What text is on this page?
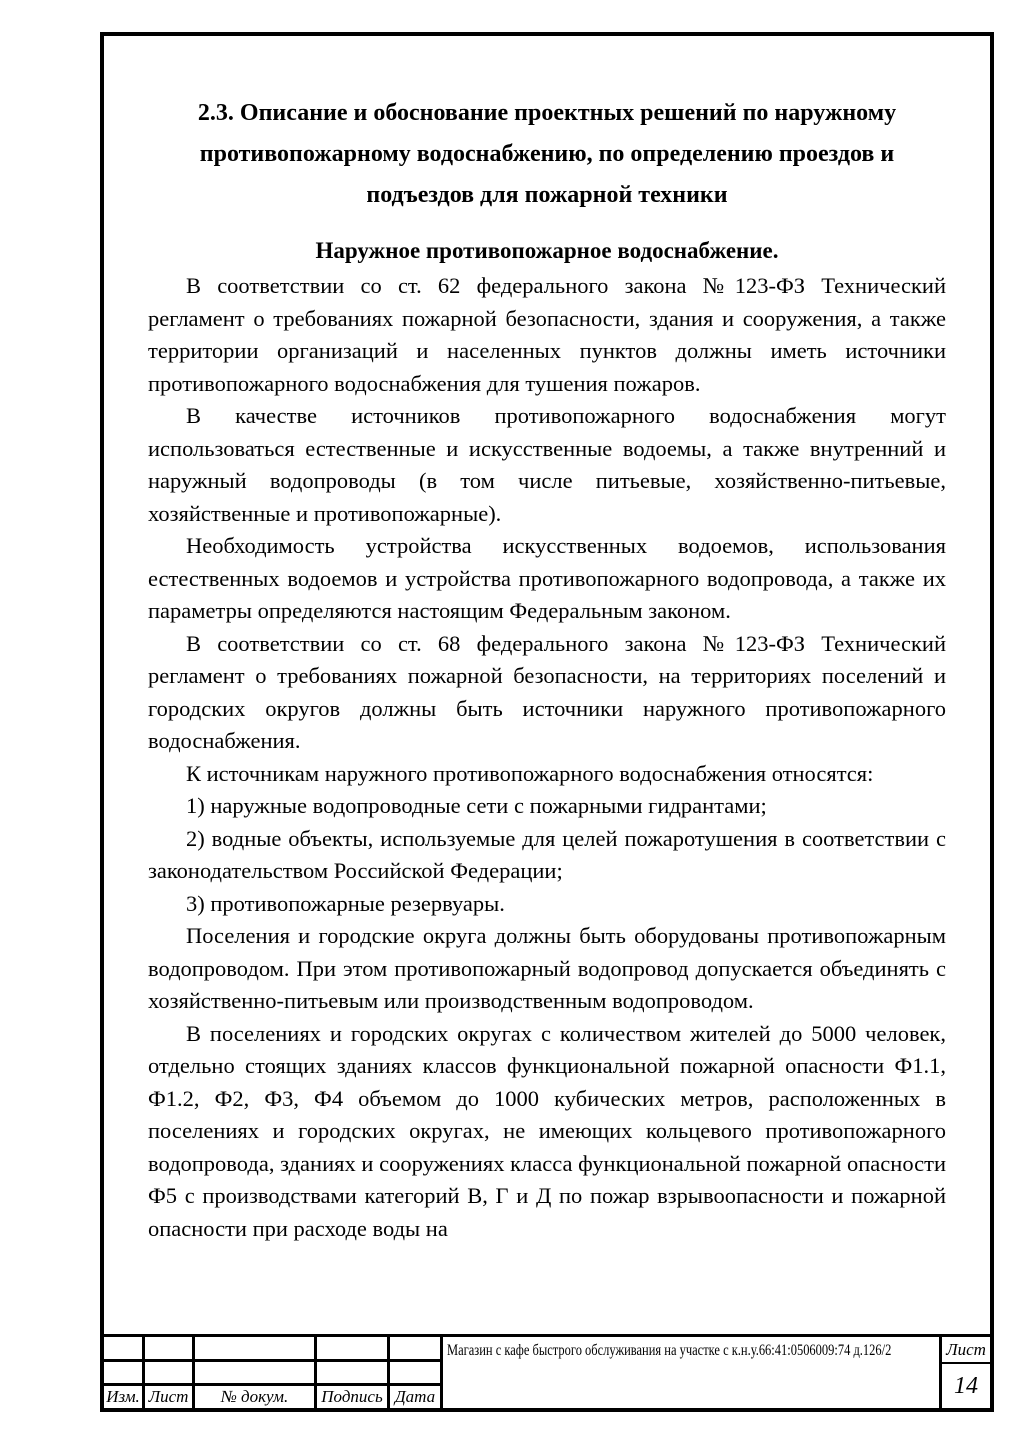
2.3. Описание и обоснование проектных решений по наружному
противопожарному водоснабжению, по определению проездов и
подъездов для пожарной техники
Наружное противопожарное водоснабжение.

В соответствии со ст. 62 федерального закона №123-ФЗ Технический регламент о требованиях пожарной безопасности, здания и сооружения, а также территории организаций и населенных пунктов должны иметь источники противопожарного водоснабжения для тушения пожаров.

В качестве источников противопожарного водоснабжения могут использоваться естественные и искусственные водоемы, а также внутренний и наружный водопроводы (в том числе питьевые, хозяйственно-питьевые, хозяйственные и противопожарные).

Необходимость устройства искусственных водоемов, использования естественных водоемов и устройства противопожарного водопровода, а также их параметры определяются настоящим Федеральным законом.

В соответствии со ст. 68 федерального закона №123-ФЗ Технический регламент о требованиях пожарной безопасности, на территориях поселений и городских округов должны быть источники наружного противопожарного водоснабжения.

К источникам наружного противопожарного водоснабжения относятся:

1) наружные водопроводные сети с пожарными гидрантами;

2) водные объекты, используемые для целей пожаротушения в соответствии с законодательством Российской Федерации;

3) противопожарные резервуары.

Поселения и городские округа должны быть оборудованы противопожарным водопроводом. При этом противопожарный водопровод допускается объединять с хозяйственно-питьевым или производственным водопроводом.

В поселениях и городских округах с количеством жителей до 5000 человек, отдельно стоящих зданиях классов функциональной пожарной опасности Ф1.1, Ф1.2, Ф2, Ф3, Ф4 объемом до 1000 кубических метров, расположенных в поселениях и городских округах, не имеющих кольцевого противопожарного водопровода, зданиях и сооружениях класса функциональной пожарной опасности Ф5 с производствами категорий В, Г и Д по пожар взрывоопасности и пожарной опасности при расходе воды на

Изм. Лист	№ докум.	Подпись Дата
Магазин с кафе быстрого обслуживания на участке с к.н.у.66:41:0506009:74 д.126/2	Лист
14
